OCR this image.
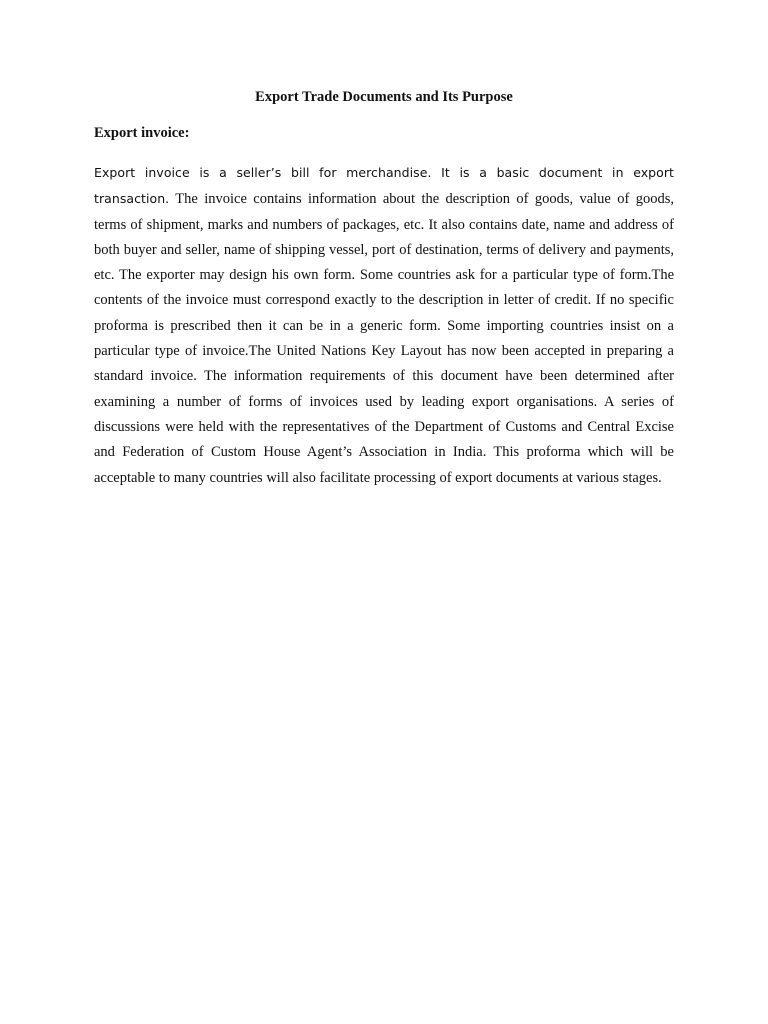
Export Trade Documents and Its Purpose
Export invoice:

Export invoice is a seller’s bill for merchandise. It is a basic document in export transaction. The invoice contains information about the description of goods, value of goods, terms of shipment, marks and numbers of packages, etc. It also contains date, name and address of both buyer and seller, name of shipping vessel, port of destination, terms of delivery and payments, etc. The exporter may design his own form. Some countries ask for a particular type of form.The contents of the invoice must correspond exactly to the description in letter of credit. If no specific proforma is prescribed then it can be in a generic form. Some importing countries insist on a particular type of invoice.The United Nations Key Layout has now been accepted in preparing a standard invoice. The information requirements of this document have been determined after examining a number of forms of invoices used by leading export organisations. A series of discussions were held with the representatives of the Department of Customs and Central Excise and Federation of Custom House Agent’s Association in India. This proforma which will be acceptable to many countries will also facilitate processing of export documents at various stages.
